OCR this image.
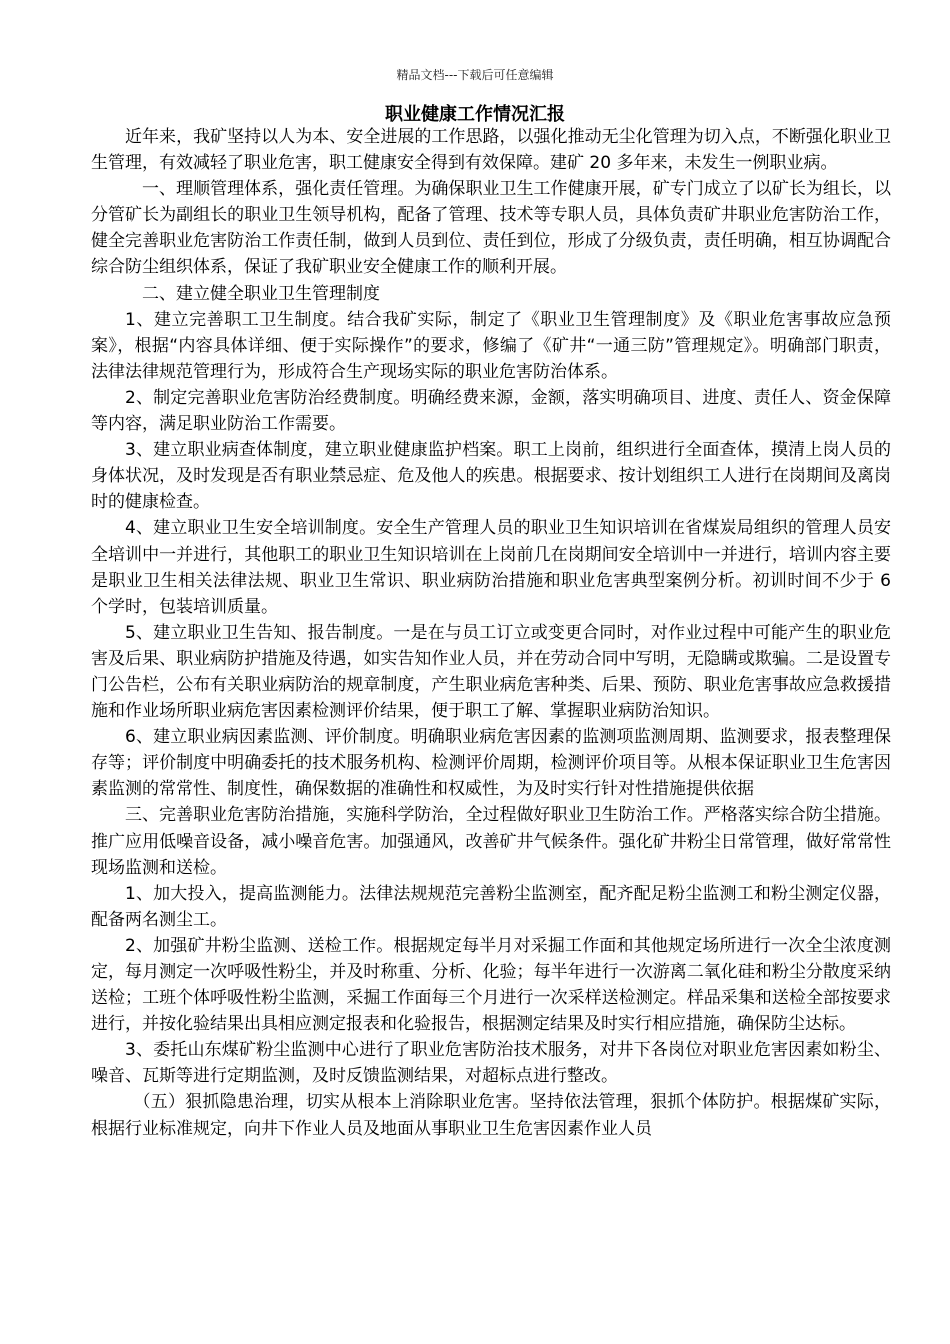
精品文档---下载后可任意编辑
职业健康工作情况汇报

近年来，我矿坚持以人为本、安全进展的工作思路，以强化推动无尘化管理为切入点，不断强化职业卫生管理，有效减轻了职业危害，职工健康安全得到有效保障。建矿 20 多年来，未发生一例职业病。

一、理顺管理体系，强化责任管理。为确保职业卫生工作健康开展，矿专门成立了以矿长为组长，以分管矿长为副组长的职业卫生领导机构，配备了管理、技术等专职人员，具体负责矿井职业危害防治工作，健全完善职业危害防治工作责任制，做到人员到位、责任到位，形成了分级负责，责任明确，相互协调配合综合防尘组织体系，保证了我矿职业安全健康工作的顺利开展。

二、建立健全职业卫生管理制度

1、建立完善职工卫生制度。结合我矿实际，制定了《职业卫生管理制度》及《职业危害事故应急预案》，根据“内容具体详细、便于实际操作”的要求，修编了《矿井“一通三防”管理规定》。明确部门职责，法律法律规范管理行为，形成符合生产现场实际的职业危害防治体系。

2、制定完善职业危害防治经费制度。明确经费来源，金额，落实明确项目、进度、责任人、资金保障等内容，满足职业防治工作需要。

3、建立职业病查体制度，建立职业健康监护档案。职工上岗前，组织进行全面查体，摸清上岗人员的身体状况，及时发现是否有职业禁忌症、危及他人的疾患。根据要求、按计划组织工人进行在岗期间及离岗时的健康检查。

4、建立职业卫生安全培训制度。安全生产管理人员的职业卫生知识培训在省煤炭局组织的管理人员安全培训中一并进行，其他职工的职业卫生知识培训在上岗前几在岗期间安全培训中一并进行，培训内容主要是职业卫生相关法律法规、职业卫生常识、职业病防治措施和职业危害典型案例分析。初训时间不少于 6 个学时，包装培训质量。

5、建立职业卫生告知、报告制度。一是在与员工订立或变更合同时，对作业过程中可能产生的职业危害及后果、职业病防护措施及待遇，如实告知作业人员，并在劳动合同中写明，无隐瞒或欺骗。二是设置专门公告栏，公布有关职业病防治的规章制度，产生职业病危害种类、后果、预防、职业危害事故应急救援措施和作业场所职业病危害因素检测评价结果，便于职工了解、掌握职业病防治知识。

6、建立职业病因素监测、评价制度。明确职业病危害因素的监测项监测周期、监测要求，报表整理保存等；评价制度中明确委托的技术服务机构、检测评价周期，检测评价项目等。从根本保证职业卫生危害因素监测的常常性、制度性，确保数据的准确性和权威性，为及时实行针对性措施提供依据

三、完善职业危害防治措施，实施科学防治，全过程做好职业卫生防治工作。严格落实综合防尘措施。推广应用低噪音设备，减小噪音危害。加强通风，改善矿井气候条件。强化矿井粉尘日常管理，做好常常性现场监测和送检。

1、加大投入，提高监测能力。法律法规规范完善粉尘监测室，配齐配足粉尘监测工和粉尘测定仪器，配备两名测尘工。

2、加强矿井粉尘监测、送检工作。根据规定每半月对采掘工作面和其他规定场所进行一次全尘浓度测定，每月测定一次呼吸性粉尘，并及时称重、分析、化验；每半年进行一次游离二氧化硅和粉尘分散度采纳送检；工班个体呼吸性粉尘监测，采掘工作面每三个月进行一次采样送检测定。样品采集和送检全部按要求进行，并按化验结果出具相应测定报表和化验报告，根据测定结果及时实行相应措施，确保防尘达标。

3、委托山东煤矿粉尘监测中心进行了职业危害防治技术服务，对井下各岗位对职业危害因素如粉尘、噪音、瓦斯等进行定期监测，及时反馈监测结果，对超标点进行整改。

（五）狠抓隐患治理，切实从根本上消除职业危害。坚持依法管理，狠抓个体防护。根据煤矿实际，根据行业标准规定，向井下作业人员及地面从事职业卫生危害因素作业人员
